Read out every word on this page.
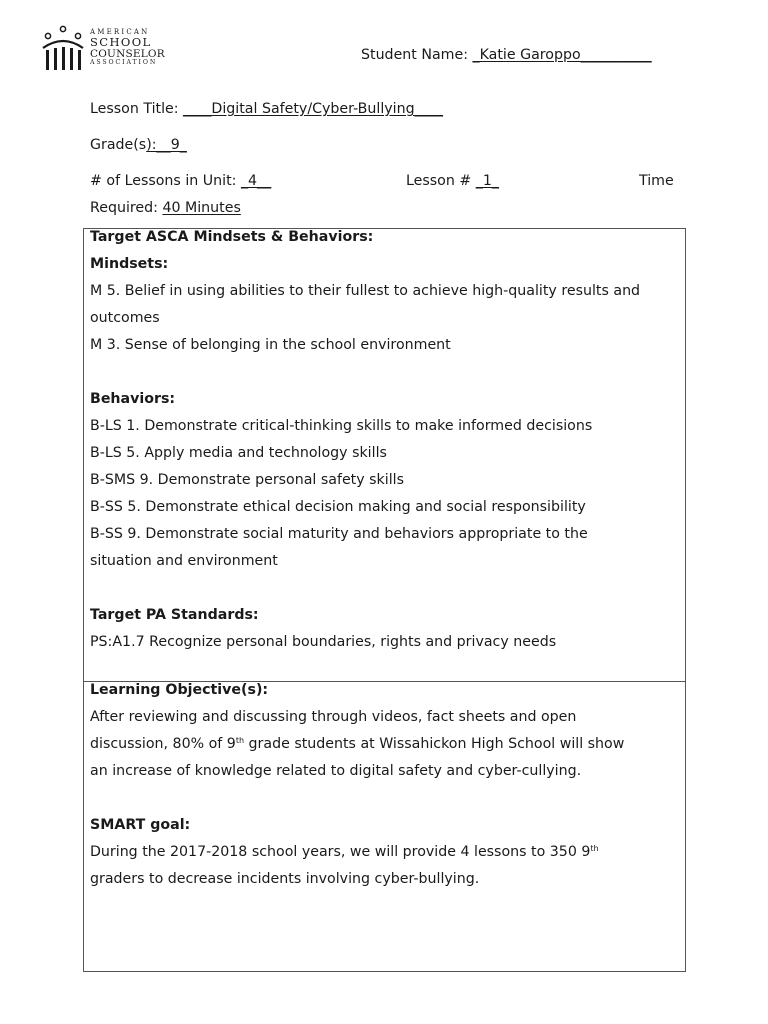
AMERICAN
SCHOOL
COUNSELOR
ASSOCIATION	Student Name: _Katie Garoppo__________
Lesson Title: ____Digital Safety/Cyber-Bullying____
Grade(s):__9_
# of Lessons in Unit: _4__	Lesson # _1_	Time
Required: 40 Minutes
Target ASCA Mindsets & Behaviors:
Mindsets:
M 5. Belief in using abilities to their fullest to achieve high-quality results and
outcomes
M 3. Sense of belonging in the school environment
Behaviors:
B-LS 1. Demonstrate critical-thinking skills to make informed decisions
B-LS 5. Apply media and technology skills
B-SMS 9. Demonstrate personal safety skills
B-SS 5. Demonstrate ethical decision making and social responsibility
B-SS 9. Demonstrate social maturity and behaviors appropriate to the
situation and environment
Target PA Standards:
PS:A1.7 Recognize personal boundaries, rights and privacy needs
Learning Objective(s):
After reviewing and discussing through videos, fact sheets and open
discussion, 80% of 9th grade students at Wissahickon High School will show
an increase of knowledge related to digital safety and cyber-cullying.
SMART goal:
During the 2017-2018 school years, we will provide 4 lessons to 350 9th
graders to decrease incidents involving cyber-bullying.
